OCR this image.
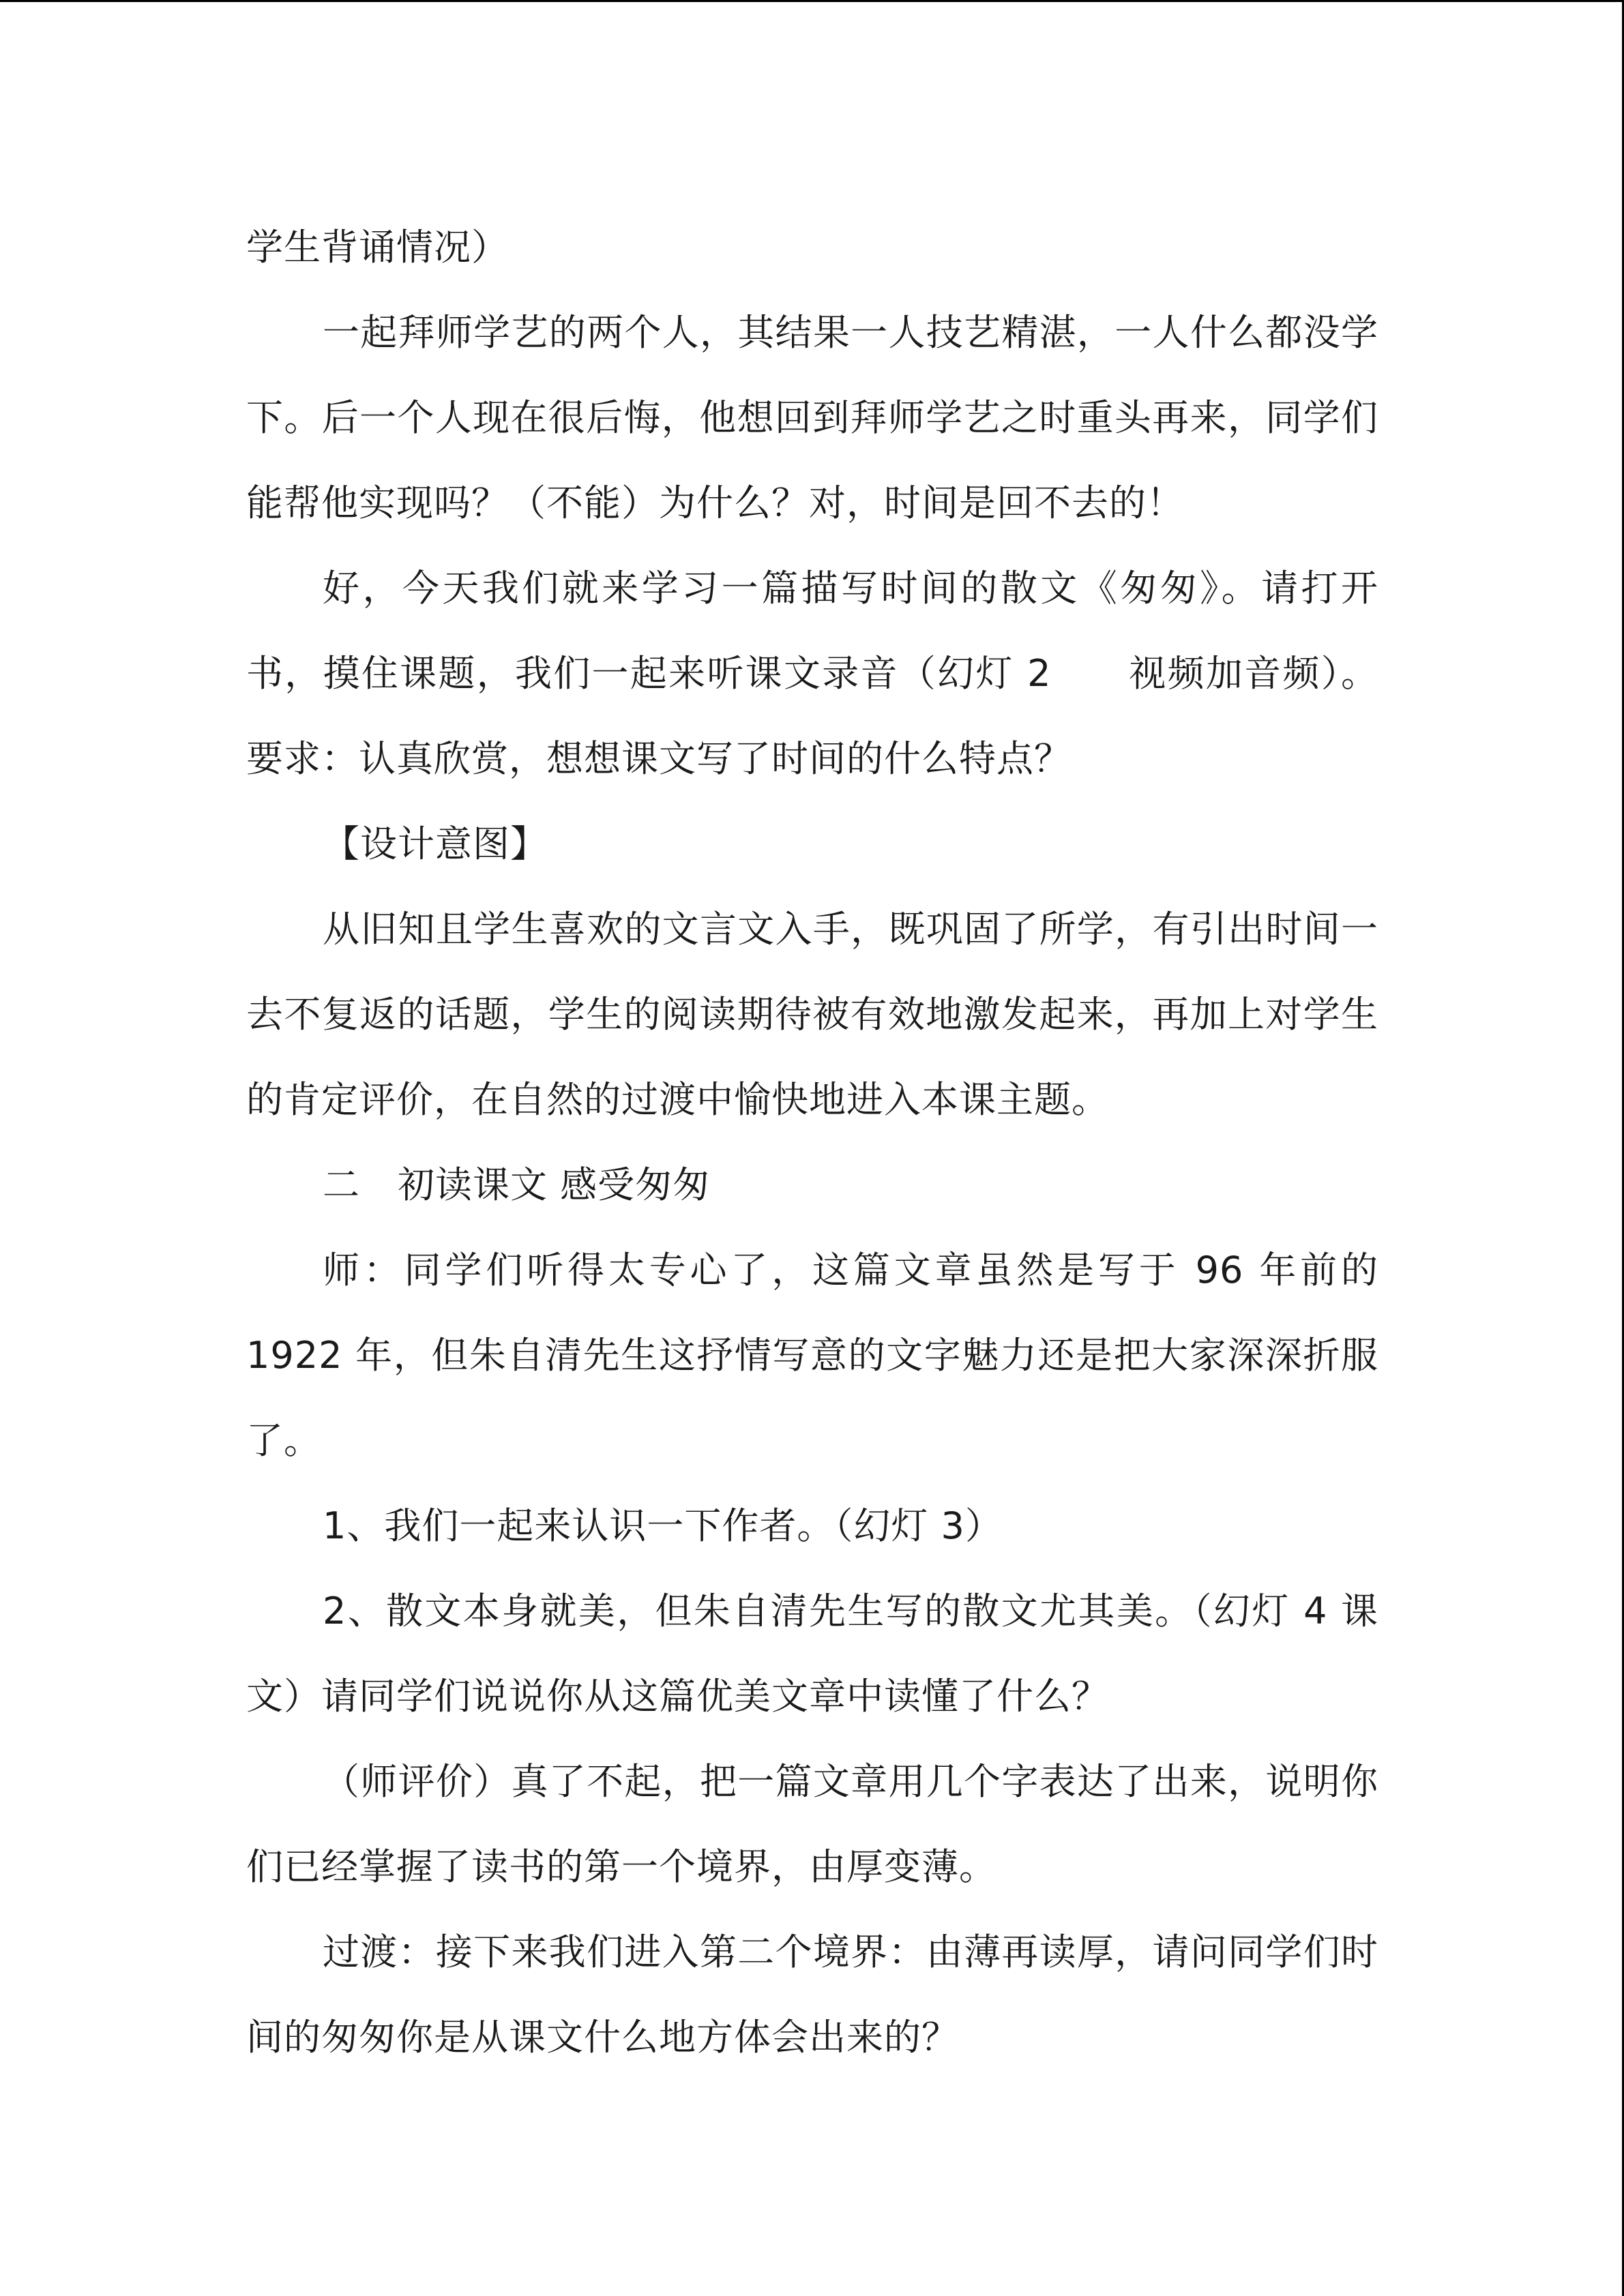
学生背诵情况）

一起拜师学艺的两个人，其结果一人技艺精湛，一人什么都没学下。后一个人现在很后悔，他想回到拜师学艺之时重头再来，同学们能帮他实现吗？（不能）为什么？对，时间是回不去的！

好，今天我们就来学习一篇描写时间的散文《匆匆》。请打开书，摸住课题，我们一起来听课文录音（幻灯 2　　视频加音频）。要求：认真欣赏，想想课文写了时间的什么特点？

【设计意图】

从旧知且学生喜欢的文言文入手，既巩固了所学，有引出时间一去不复返的话题，学生的阅读期待被有效地激发起来，再加上对学生的肯定评价，在自然的过渡中愉快地进入本课主题。

二　初读课文 感受匆匆

师：同学们听得太专心了，这篇文章虽然是写于 96 年前的 1922 年，但朱自清先生这抒情写意的文字魅力还是把大家深深折服了。

1、我们一起来认识一下作者。（幻灯 3）

2、散文本身就美，但朱自清先生写的散文尤其美。（幻灯 4 课文）请同学们说说你从这篇优美文章中读懂了什么？

（师评价）真了不起，把一篇文章用几个字表达了出来，说明你们已经掌握了读书的第一个境界，由厚变薄。

过渡：接下来我们进入第二个境界：由薄再读厚，请问同学们时间的匆匆你是从课文什么地方体会出来的？
